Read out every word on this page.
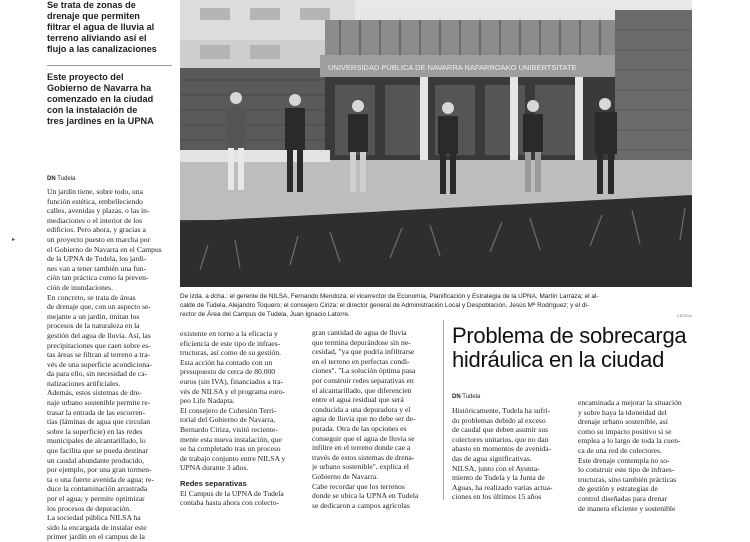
▸
Se trata de zonas de
drenaje que permiten
filtrar el agua de lluvia al
terreno aliviando así el
flujo a las canalizaciones
Este proyecto del
Gobierno de Navarra ha
comenzado en la ciudad
con la instalación de
tres jardines en la UPNA
DN Tudela
Un jardín tiene, sobre todo, una
función estética, embelleciendo
calles, avenidas y plazas, o las in-
mediaciones o el interior de los
edificios. Pero ahora, y gracias a
un proyecto puesto en marcha por
el Gobierno de Navarra en el Campus
de la UPNA de Tudela, los jardi-
nes van a tener también una fun-
ción tan práctica como la preven-
ción de inundaciones.
En concreto, se trata de áreas
de drenaje que, con un aspecto se-
mejante a un jardín, imitan los
procesos de la naturaleza en la
gestión del agua de lluvia. Así, las
precipitaciones que caen sobre es-
tas áreas se filtran al terreno a tra-
vés de una superficie acondiciona-
da para ello, sin necesidad de ca-
nalizaciones artificiales.
Además, estos sistemas de dre-
naje urbano sostenible permite re-
trasar la entrada de las escorren-
tías (láminas de agua que circulan
sobre la superficie) en las redes
municipales de alcantarillado, lo
que facilita que se pueda destinar
un caudal abundante producido,
por ejemplo, por una gran tormen-
ta o una fuerte avenida de agua; re-
duce la contaminación arrastrada
por el agua; y permite optimizar
los procesos de depuración.
La sociedad pública NILSA ha
sido la encargada de instalar este
primer jardín en el campus de la
UNIVERSIDAD PÚBLICA DE NAVARRA NAFARROAKO UNIBERTSITATE
De izda. a dcha.: el gerente de NILSA, Fernando Mendoza; el vicerrector de Economía, Planificación y Estrategia de la UPNA, Martín Larraza; el al-
calde de Tudela, Alejandro Toquero; el consejero Ciriza; el director general de Administración Local y Despoblación, Jesús Mª Rodríguez; y el di-
rector de Área del Campus de Tudela, Juan Ignacio Latorre.	CEDIDA
existente en torno a la eficacia y
eficiencia de este tipo de infraes-
tructuras, así como de su gestión.
Esta acción ha contado con un
presupuesto de cerca de 80.000
euros (sin IVA), financiados a tra-
vés de NILSA y el programa euro-
peo Life Nadapta.
El consejero de Cohesión Terri-
torial del Gobierno de Navarra,
Bernardo Ciriza, visitó reciente-
mente esta nueva instalación, que
se ha completado tras un proceso
de trabajo conjunto entre NILSA y
UPNA durante 3 años.
Redes separativas
El Campus de la UPNA de Tudela
contaba hasta ahora con colecto-
gran cantidad de agua de lluvia
que termina depurándose sin ne-
cesidad, "ya que podría infiltrarse
en el terreno en perfectas condi-
ciones". "La solución óptima pasa
por construir redes separativas en
el alcantarillado, que diferencien
entre el agua residual que será
conducida a una depuradora y el
agua de lluvia que no debe ser de-
purada. Otra de las opciones es
conseguir que el agua de lluvia se
infiltre en el terreno donde cae a
través de estos sistemas de drena-
je urbano sostenible", explica el
Gobierno de Navarra.
Cabe recordar que los terrenos
donde se ubica la UPNA en Tudela
se dedicaron a campos agrícolas
Problema de sobrecarga
hidráulica en la ciudad
DN Tudela
Históricamente, Tudela ha sufri-
do problemas debido al exceso
de caudal que deben asumir sus
colectores unitarios, que no dan
abasto en momentos de avenida-
das de agua significativas.
NILSA, junto con el Ayunta-
miento de Tudela y la Junta de
Aguas, ha realizado varias actua-
ciones en los últimos 15 años
encaminada a mejorar la situación
y sobre haya la idoneidad del
drenaje urbano sostenible, así
como su impacto positivo si se
emplea a lo largo de toda la cuen-
ca de una red de colectores.
Este drenaje contempla no so-
lo construir este tipo de infraes-
tructuras, sino también prácticas
de gestión y estrategias de
control diseñadas para drenar
de manera eficiente y sostenible
